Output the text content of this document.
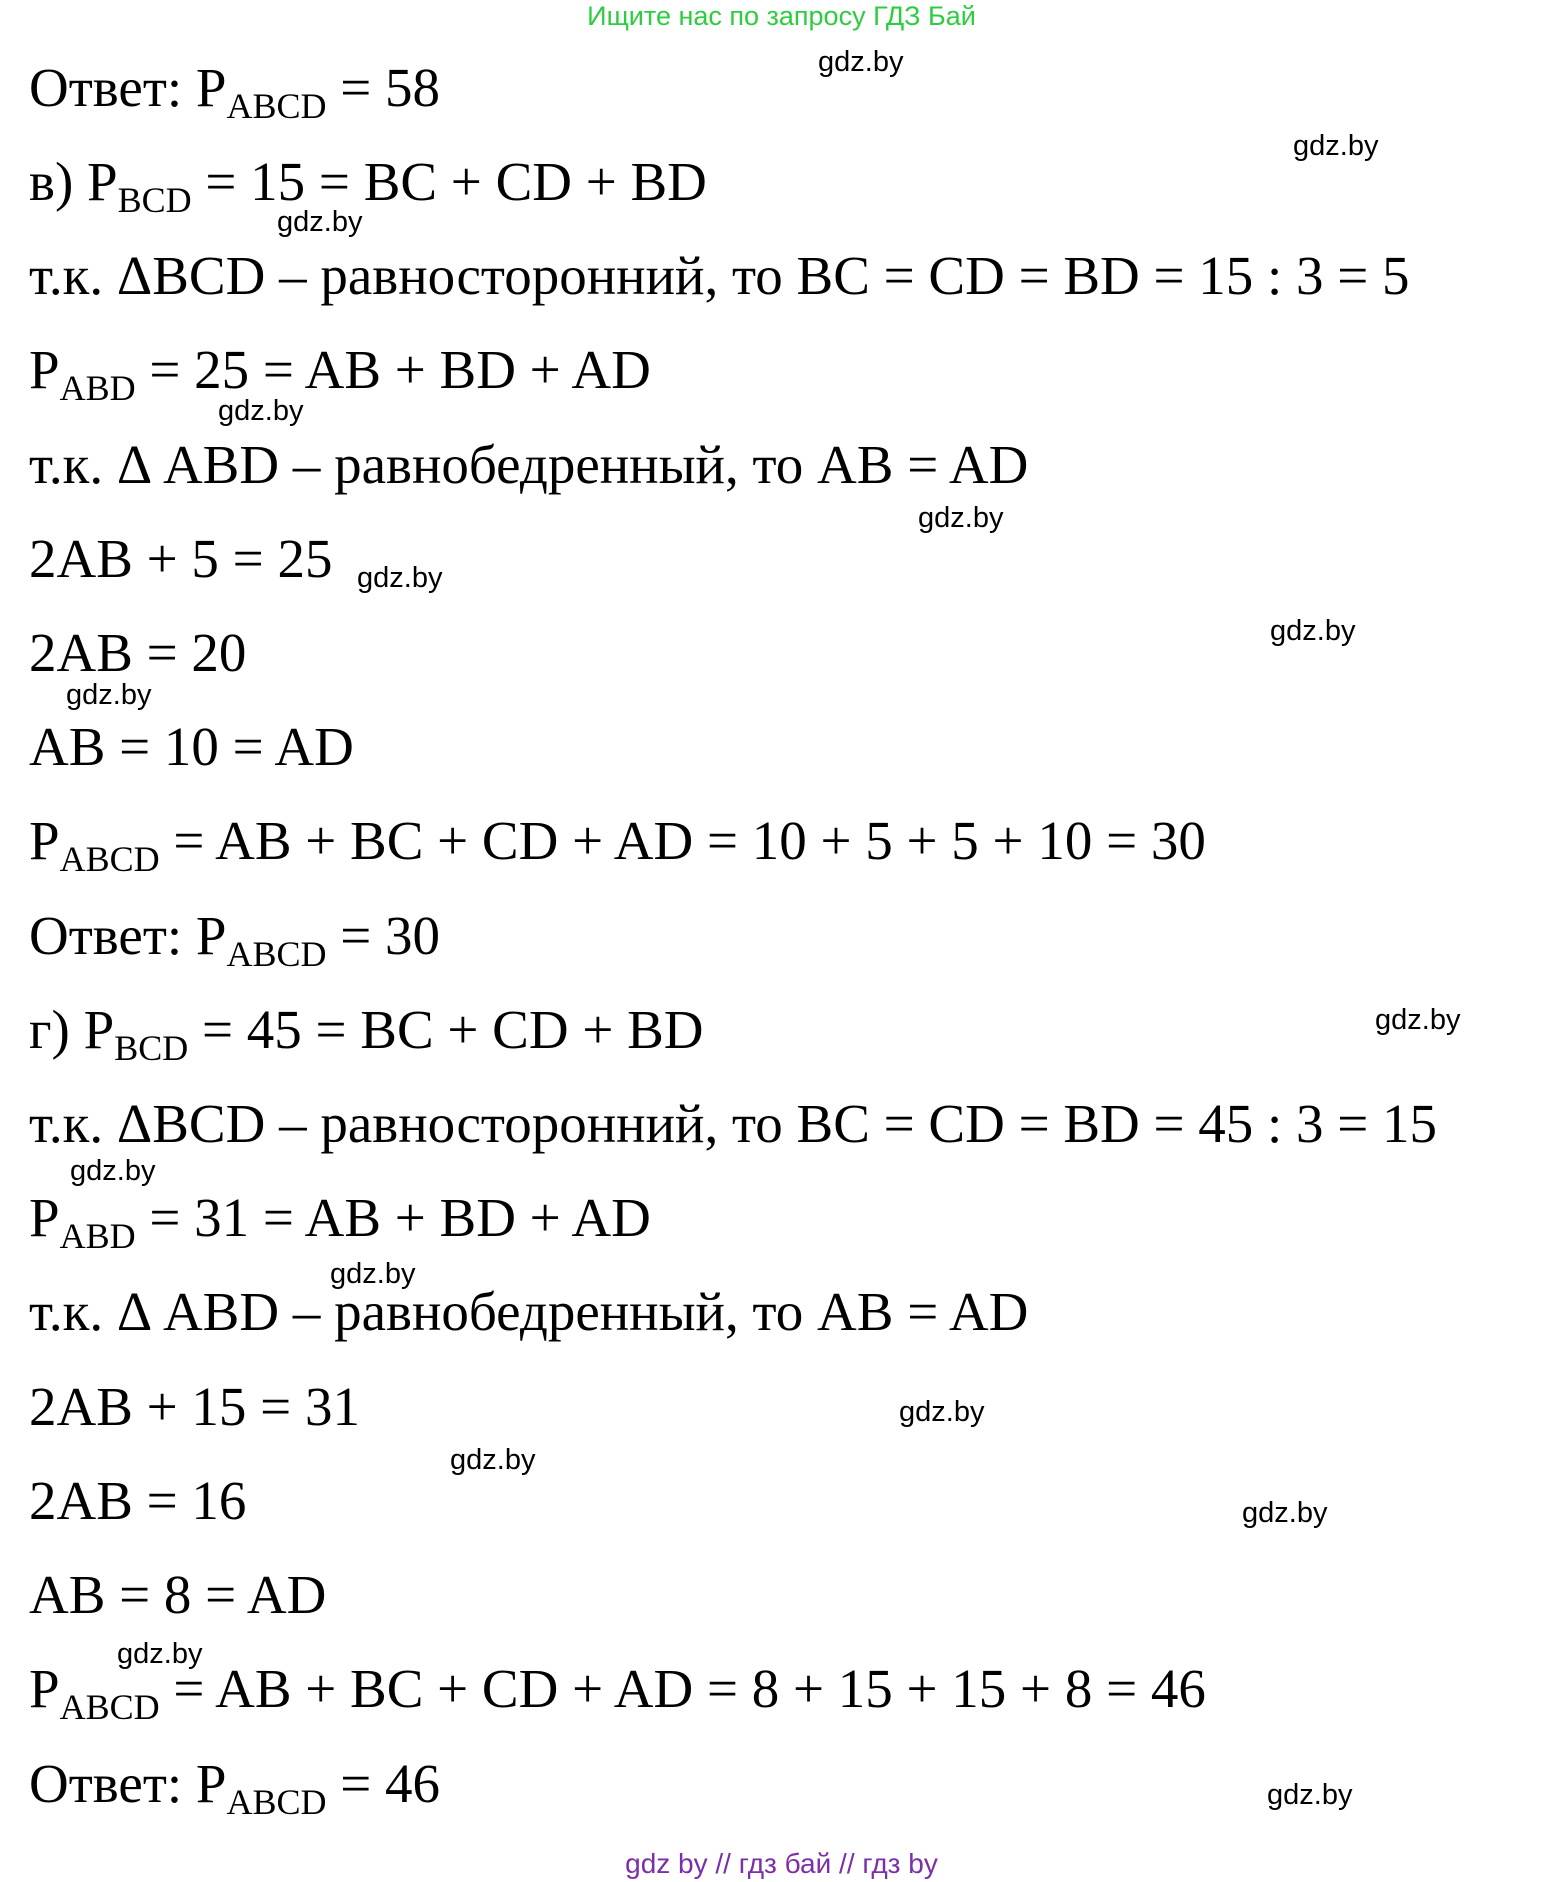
Ищите нас по запросу ГДЗ Бай
Ответ: $P_{ABCD} = 58$
в) $P_{BCD} = 15$ = BC + CD + BD
т.к. ΔBCD – равносторонний, то BC = CD = BD = 15 : 3 = 5
$P_{ABD} = 25$ = AB + BD + AD
т.к. Δ ABD – равнобедренный, то AB = AD
2AB + 5 = 25
2AB = 20
AB = 10 = AD
$P_{ABCD}$ = AB + BC + CD + AD = 10 + 5 + 5 + 10 = 30
Ответ: $P_{ABCD} = 30$
г) $P_{BCD} = 45$ = BC + CD + BD
т.к. ΔBCD – равносторонний, то BC = CD = BD = 45 : 3 = 15
$P_{ABD} = 31$ = AB + BD + AD
т.к. Δ ABD – равнобедренный, то AB = AD
2AB + 15 = 31
2AB = 16
AB = 8 = AD
$P_{ABCD}$ = AB + BC + CD + AD = 8 + 15 + 15 + 8 = 46
Ответ: $P_{ABCD} = 46$
gdz.by
gdz.by
gdz.by
gdz.by
gdz.by
gdz.by
gdz.by
gdz.by
gdz.by
gdz.by
gdz.by
gdz.by
gdz.by
gdz.by
gdz.by
gdz.by
gdz by // гдз бай // гдз by
